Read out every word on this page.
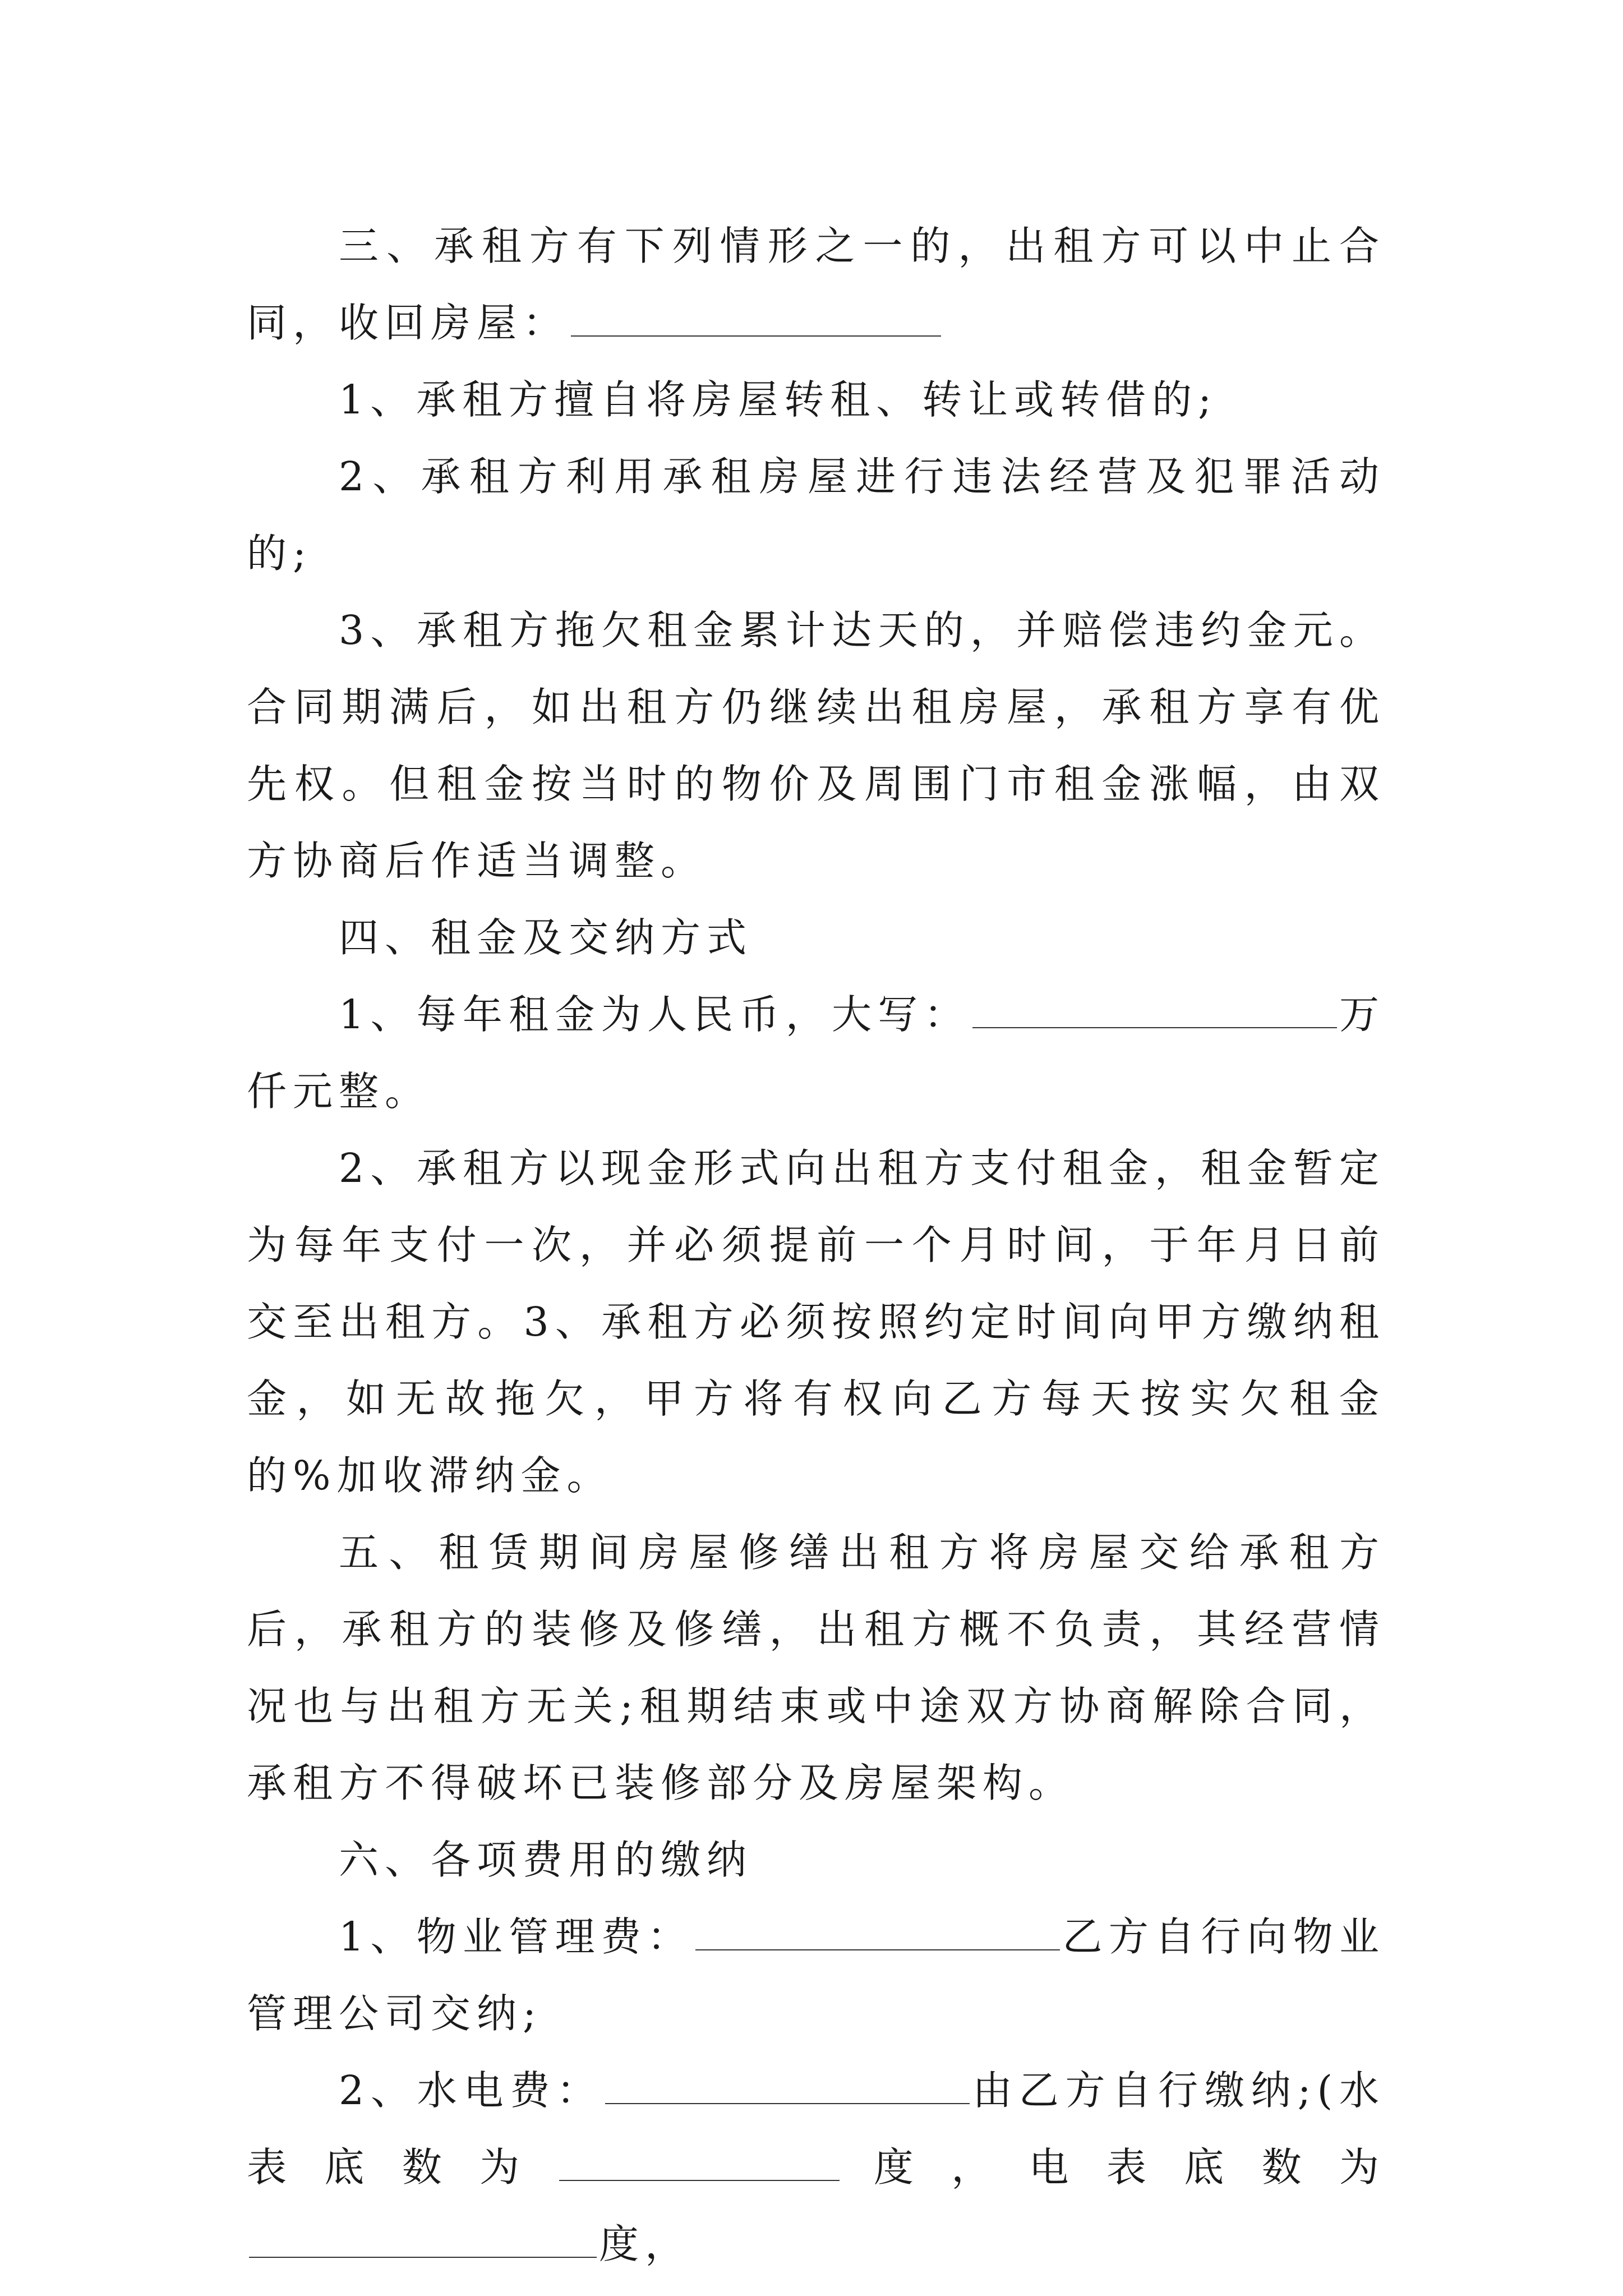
三、承租方有下列情形之一的，出租方可以中止合同，收回房屋：

1、承租方擅自将房屋转租、转让或转借的;

2、承租方利用承租房屋进行违法经营及犯罪活动的;

3、承租方拖欠租金累计达天的，并赔偿违约金元。合同期满后，如出租方仍继续出租房屋，承租方享有优先权。但租金按当时的物价及周围门市租金涨幅，由双方协商后作适当调整。

四、租金及交纳方式

1、每年租金为人民币，大写：	万仟元整。

2、承租方以现金形式向出租方支付租金，租金暂定为每年支付一次，并必须提前一个月时间，于年月日前交至出租方。3、承租方必须按照约定时间向甲方缴纳租金，如无故拖欠，甲方将有权向乙方每天按实欠租金的%加收滞纳金。

五、租赁期间房屋修缮出租方将房屋交给承租方后，承租方的装修及修缮，出租方概不负责，其经营情况也与出租方无关;租期结束或中途双方协商解除合同，承租方不得破坏已装修部分及房屋架构。

六、各项费用的缴纳

1、物业管理费：	乙方自行向物业管理公司交纳;

2、水电费：	由乙方自行缴纳;(水表底数为	度，电表底数为度，
